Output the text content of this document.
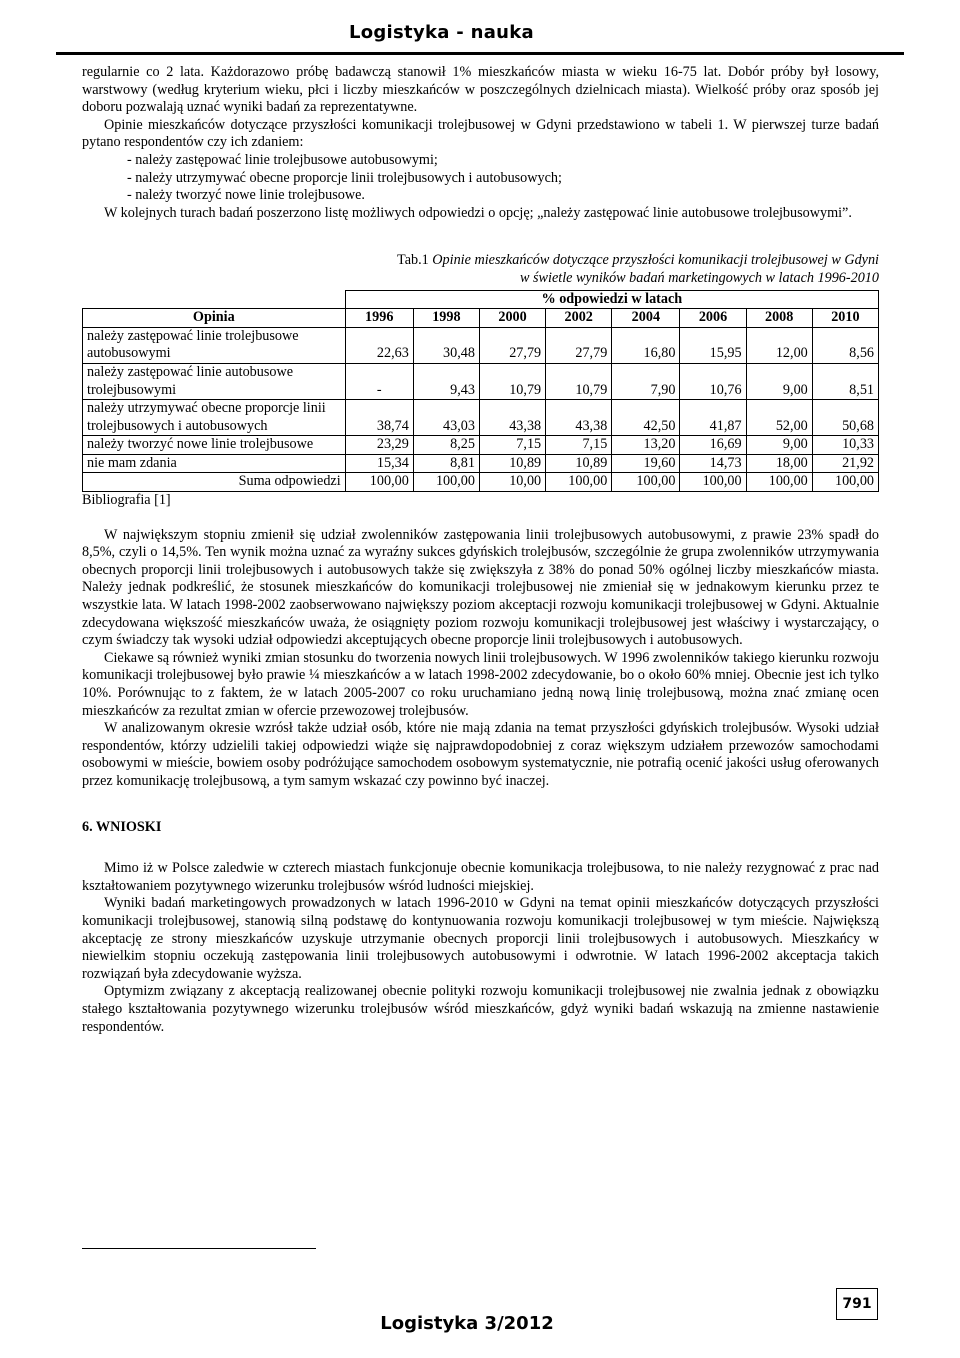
Logistyka - nauka

regularnie co 2 lata. Każdorazowo próbę badawczą stanowił 1% mieszkańców miasta w wieku 16-75 lat. Dobór próby był losowy, warstwowy (według kryterium wieku, płci i liczby mieszkańców w poszczególnych dzielnicach miasta). Wielkość próby oraz sposób jej doboru pozwalają uznać wyniki badań za reprezentatywne.

Opinie mieszkańców dotyczące przyszłości komunikacji trolejbusowej w Gdyni przedstawiono w tabeli 1. W pierwszej turze badań pytano respondentów czy ich zdaniem:

- należy zastępować linie trolejbusowe autobusowymi;
- należy utrzymywać obecne proporcje linii trolejbusowych i autobusowych;
- należy tworzyć nowe linie trolejbusowe.

W kolejnych turach badań poszerzono listę możliwych odpowiedzi o opcję; „należy zastępować linie autobusowe trolejbusowymi”.

Tab.1 Opinie mieszkańców dotyczące przyszłości komunikacji trolejbusowej w Gdyni
w świetle wyników badań marketingowych w latach 1996-2010
	% odpowiedzi w latach							
Opinia	1996	1998	2000	2002	2004	2006	2008	2010
należy zastępować linie trolejbusowe autobusowymi	22,63	30,48	27,79	27,79	16,80	15,95	12,00	8,56
należy zastępować linie autobusowe trolejbusowymi	-	9,43	10,79	10,79	7,90	10,76	9,00	8,51
należy utrzymywać obecne proporcje linii trolejbusowych i autobusowych	38,74	43,03	43,38	43,38	42,50	41,87	52,00	50,68
należy tworzyć nowe linie trolejbusowe	23,29	8,25	7,15	7,15	13,20	16,69	9,00	10,33
nie mam zdania	15,34	8,81	10,89	10,89	19,60	14,73	18,00	21,92
Suma odpowiedzi	100,00	100,00	10,00	100,00	100,00	100,00	100,00	100,00

Bibliografia [1]

W największym stopniu zmienił się udział zwolenników zastępowania linii trolejbusowych autobusowymi, z prawie 23% spadł do 8,5%, czyli o 14,5%. Ten wynik można uznać za wyraźny sukces gdyńskich trolejbusów, szczególnie że grupa zwolenników utrzymywania obecnych proporcji linii trolejbusowych i autobusowych także się zwiększyła z 38% do ponad 50% ogólnej liczby mieszkańców miasta. Należy jednak podkreślić, że stosunek mieszkańców do komunikacji trolejbusowej nie zmieniał się w jednakowym kierunku przez te wszystkie lata. W latach 1998-2002 zaobserwowano największy poziom akceptacji rozwoju komunikacji trolejbusowej w Gdyni. Aktualnie zdecydowana większość mieszkańców uważa, że osiągnięty poziom rozwoju komunikacji trolejbusowej jest właściwy i wystarczający, o czym świadczy tak wysoki udział odpowiedzi akceptujących obecne proporcje linii trolejbusowych i autobusowych.

Ciekawe są również wyniki zmian stosunku do tworzenia nowych linii trolejbusowych. W 1996 zwolenników takiego kierunku rozwoju komunikacji trolejbusowej było prawie ¼ mieszkańców a w latach 1998-2002 zdecydowanie, bo o około 60% mniej. Obecnie jest ich tylko 10%. Porównując to z faktem, że w latach 2005-2007 co roku uruchamiano jedną nową linię trolejbusową, można znać zmianę ocen mieszkańców za rezultat zmian w ofercie przewozowej trolejbusów.

W analizowanym okresie wzrósł także udział osób, które nie mają zdania na temat przyszłości gdyńskich trolejbusów. Wysoki udział respondentów, którzy udzielili takiej odpowiedzi wiąże się najprawdopodobniej z coraz większym udziałem przewozów samochodami osobowymi w mieście, bowiem osoby podróżujące samochodem osobowym systematycznie, nie potrafią ocenić jakości usług oferowanych przez komunikację trolejbusową, a tym samym wskazać czy powinno być inaczej.

6. WNIOSKI

Mimo iż w Polsce zaledwie w czterech miastach funkcjonuje obecnie komunikacja trolejbusowa, to nie należy rezygnować z prac nad kształtowaniem pozytywnego wizerunku trolejbusów wśród ludności miejskiej.

Wyniki badań marketingowych prowadzonych w latach 1996-2010 w Gdyni na temat opinii mieszkańców dotyczących przyszłości komunikacji trolejbusowej, stanowią silną podstawę do kontynuowania rozwoju komunikacji trolejbusowej w tym mieście. Największą akceptację ze strony mieszkańców uzyskuje utrzymanie obecnych proporcji linii trolejbusowych i autobusowych. Mieszkańcy w niewielkim stopniu oczekują zastępowania linii trolejbusowych autobusowymi i odwrotnie. W latach 1996-2002 akceptacja takich rozwiązań była zdecydowanie wyższa.

Optymizm związany z akceptacją realizowanej obecnie polityki rozwoju komunikacji trolejbusowej nie zwalnia jednak z obowiązku stałego kształtowania pozytywnego wizerunku trolejbusów wśród mieszkańców, gdyż wyniki badań wskazują na zmienne nastawienie respondentów.

791
Logistyka 3/2012
